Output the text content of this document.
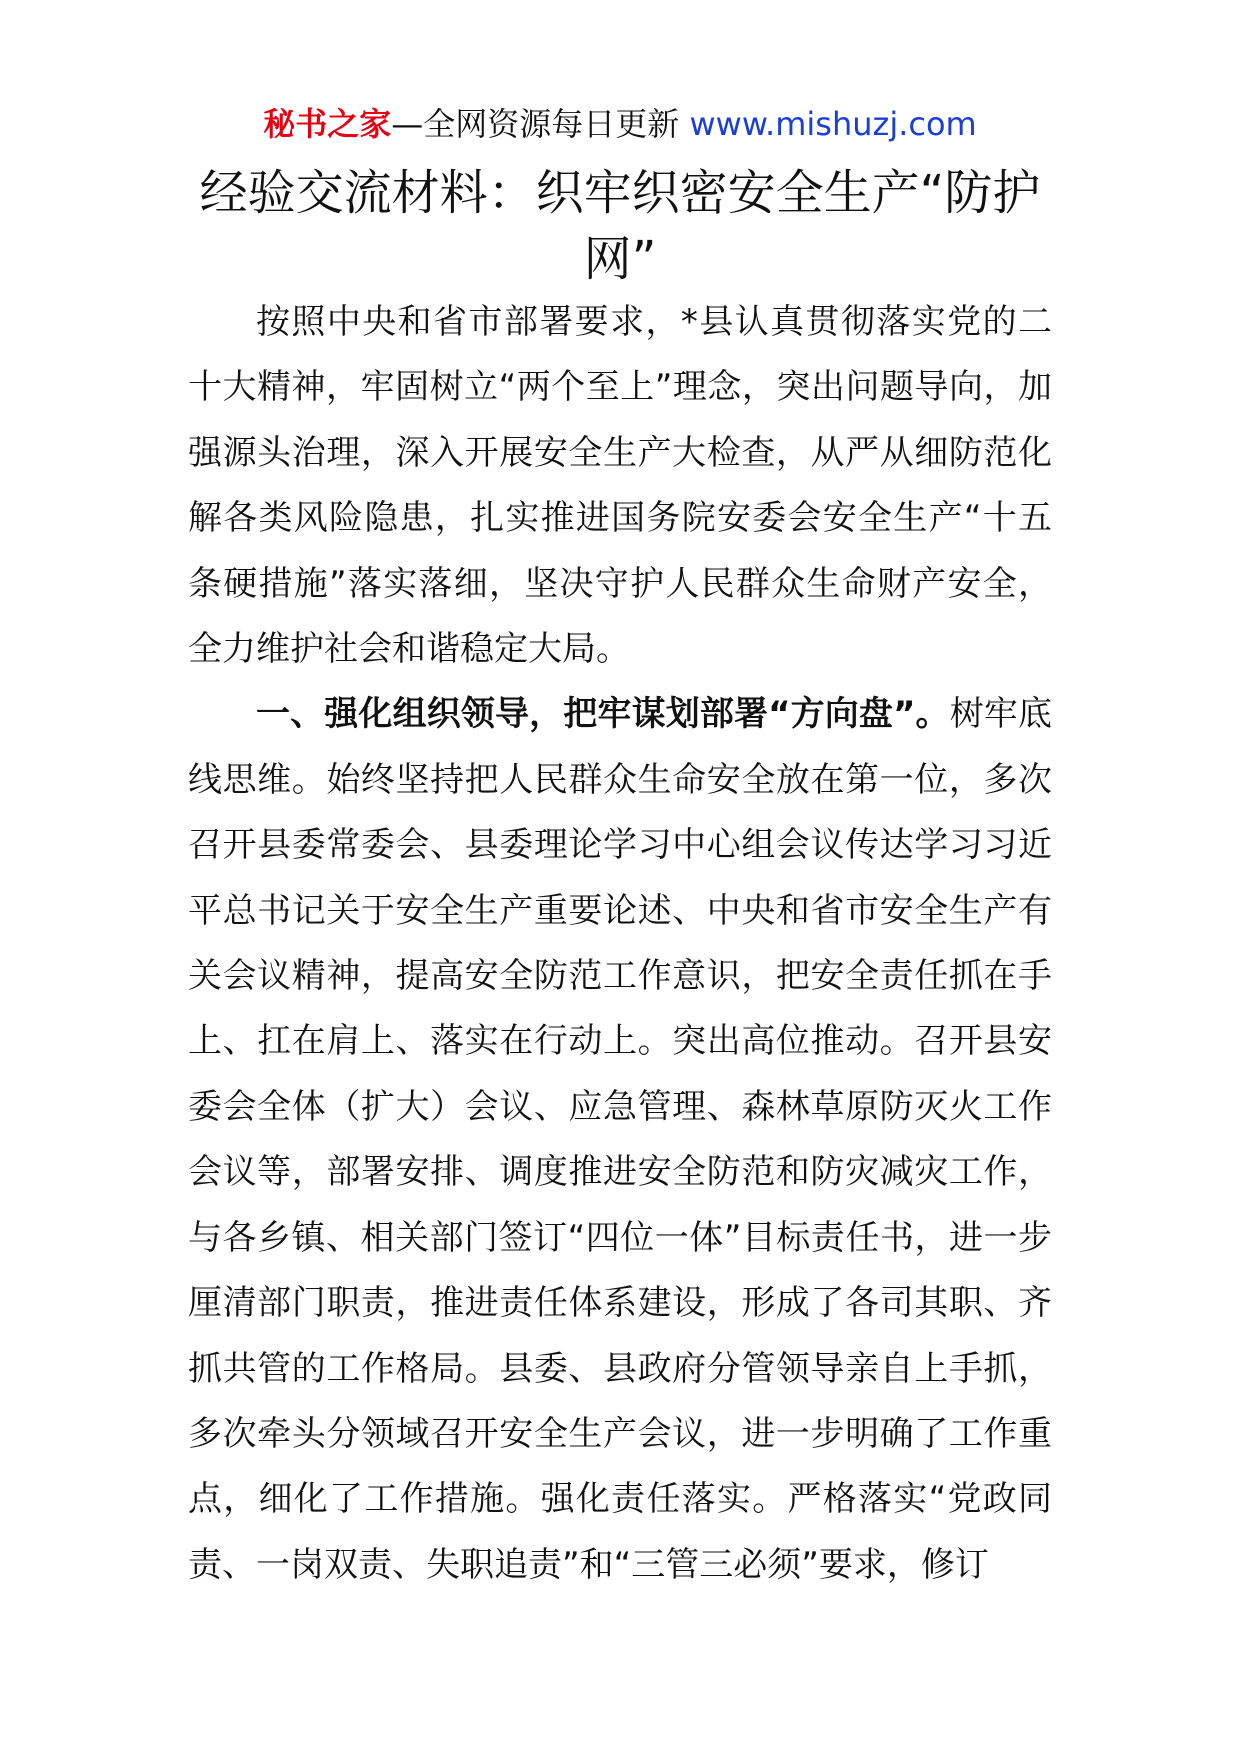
秘书之家—全网资源每日更新 www.mishuzj.com
经验交流材料：织牢织密安全生产“防护网”

按照中央和省市部署要求，*县认真贯彻落实党的二十大精神，牢固树立“两个至上”理念，突出问题导向，加强源头治理，深入开展安全生产大检查，从严从细防范化解各类风险隐患，扎实推进国务院安委会安全生产“十五条硬措施”落实落细，坚决守护人民群众生命财产安全，全力维护社会和谐稳定大局。

一、强化组织领导，把牢谋划部署“方向盘”。树牢底线思维。始终坚持把人民群众生命安全放在第一位，多次召开县委常委会、县委理论学习中心组会议传达学习习近平总书记关于安全生产重要论述、中央和省市安全生产有关会议精神，提高安全防范工作意识，把安全责任抓在手上、扛在肩上、落实在行动上。突出高位推动。召开县安委会全体（扩大）会议、应急管理、森林草原防灭火工作会议等，部署安排、调度推进安全防范和防灾减灾工作，与各乡镇、相关部门签订“四位一体”目标责任书，进一步厘清部门职责，推进责任体系建设，形成了各司其职、齐抓共管的工作格局。县委、县政府分管领导亲自上手抓，多次牵头分领域召开安全生产会议，进一步明确了工作重点，细化了工作措施。强化责任落实。严格落实“党政同责、一岗双责、失职追责”和“三管三必须”要求，修订
